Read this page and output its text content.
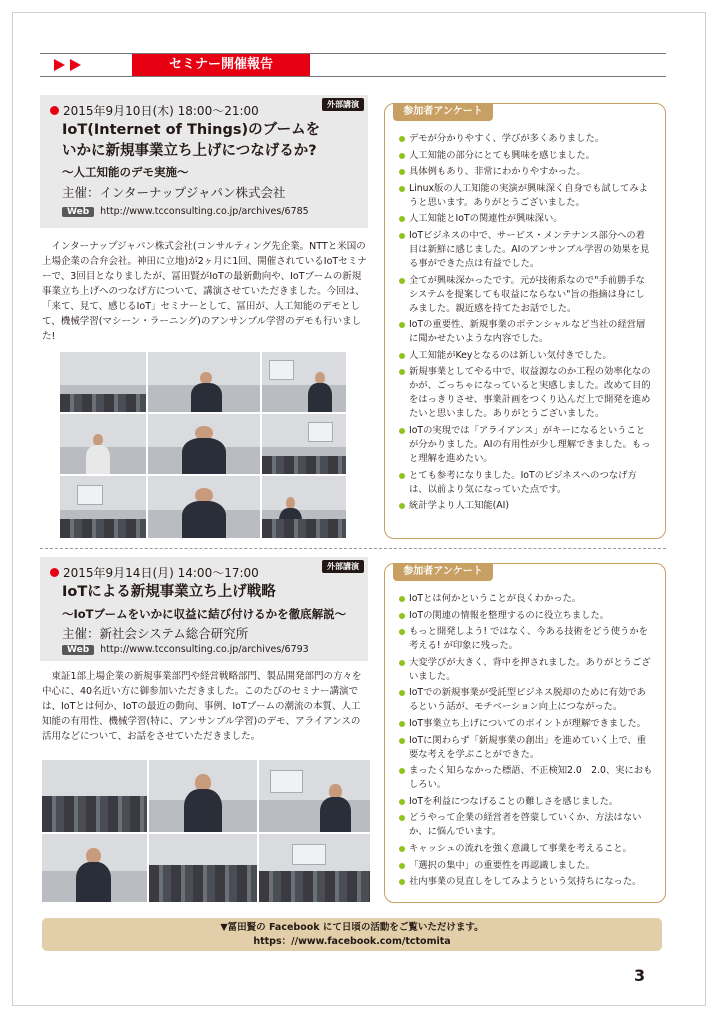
セミナー開催報告
外部講演
2015年9月10日(木) 18:00〜21:00
IoT(Internet of Things)のブームを
いかに新規事業立ち上げにつなげるか?
〜人工知能のデモ実施〜
主催：インターナップジャパン株式会社
Web http://www.tcconsulting.co.jp/archives/6785
インターナップジャパン株式会社(コンサルティング先企業。NTTと米国の上場企業の合弁会社。神田に立地)が2ヶ月に1回、開催されているIoTセミナーで、3回目となりましたが、冨田賢がIoTの最新動向や、IoTブームの新規事業立ち上げへのつなげ方について、講演させていただきました。今回は、「来て、見て、感じるIoT」セミナーとして、冨田が、人工知能のデモとして、機械学習(マシーン・ラーニング)のアンサンブル学習のデモも行いました!
参加者アンケート
デモが分かりやすく、学びが多くありました。
人工知能の部分にとても興味を感じました。
具体例もあり、非常にわかりやすかった。
Linux版の人工知能の実演が興味深く自身でも試してみようと思います。ありがとうございました。
人工知能とIoTの関連性が興味深い。
IoTビジネスの中で、サービス・メンテナンス部分への着目は新鮮に感じました。AIのアンサンブル学習の効果を見る事ができた点は有益でした。
全てが興味深かったです。元が技術系なので"手前勝手なシステムを提案しても収益にならない"旨の指摘は身にしみました。親近感を持てたお話でした。
IoTの重要性、新規事業のポテンシャルなど当社の経営層に聞かせたいような内容でした。
人工知能がKeyとなるのは新しい気付きでした。
新規事業としてやる中で、収益源なのか工程の効率化なのかが、ごっちゃになっていると実感しました。改めて目的をはっきりさせ、事業計画をつくり込んだ上で開発を進めたいと思いました。ありがとうございました。
IoTの実現では「アライアンス」がキーになるということが分かりました。AIの有用性が少し理解できました。もっと理解を進めたい。
とても参考になりました。IoTのビジネスへのつなげ方は、以前より気になっていた点です。
統計学より人工知能(AI)
外部講演
2015年9月14日(月) 14:00〜17:00
IoTによる新規事業立ち上げ戦略
〜IoTブームをいかに収益に結び付けるかを徹底解説〜
主催：新社会システム総合研究所
Web http://www.tcconsulting.co.jp/archives/6793
東証1部上場企業の新規事業部門や経営戦略部門、製品開発部門の方々を中心に、40名近い方に御参加いただきました。このたびのセミナー講演では、IoTとは何か、IoTの最近の動向、事例、IoTブームの潮流の本質、人工知能の有用性、機械学習(特に、アンサンブル学習)のデモ、アライアンスの活用などについて、お話をさせていただきました。
参加者アンケート
IoTとは何かということが良くわかった。
IoTの関連の情報を整理するのに役立ちました。
もっと開発しよう! ではなく、今ある技術をどう使うかを考える! が印象に残った。
大変学びが大きく、背中を押されました。ありがとうございました。
IoTでの新規事業が受託型ビジネス脱却のために有効であるという話が、モチベーション向上につながった。
IoT事業立ち上げについてのポイントが理解できました。
IoTに関わらず「新規事業の創出」を進めていく上で、重要な考えを学ぶことができた。
まったく知らなかった標語、不正検知2.0　2.0、実におもしろい。
IoTを利益につなげることの難しさを感じました。
どうやって企業の経営者を啓蒙していくか、方法はないか、に悩んでいます。
キャッシュの流れを強く意識して事業を考えること。
「選択の集中」の重要性を再認識しました。
社内事業の見直しをしてみようという気持ちになった。
▼冨田賢の Facebook にて日頃の活動をご覧いただけます。
https：//www.facebook.com/tctomita
3
